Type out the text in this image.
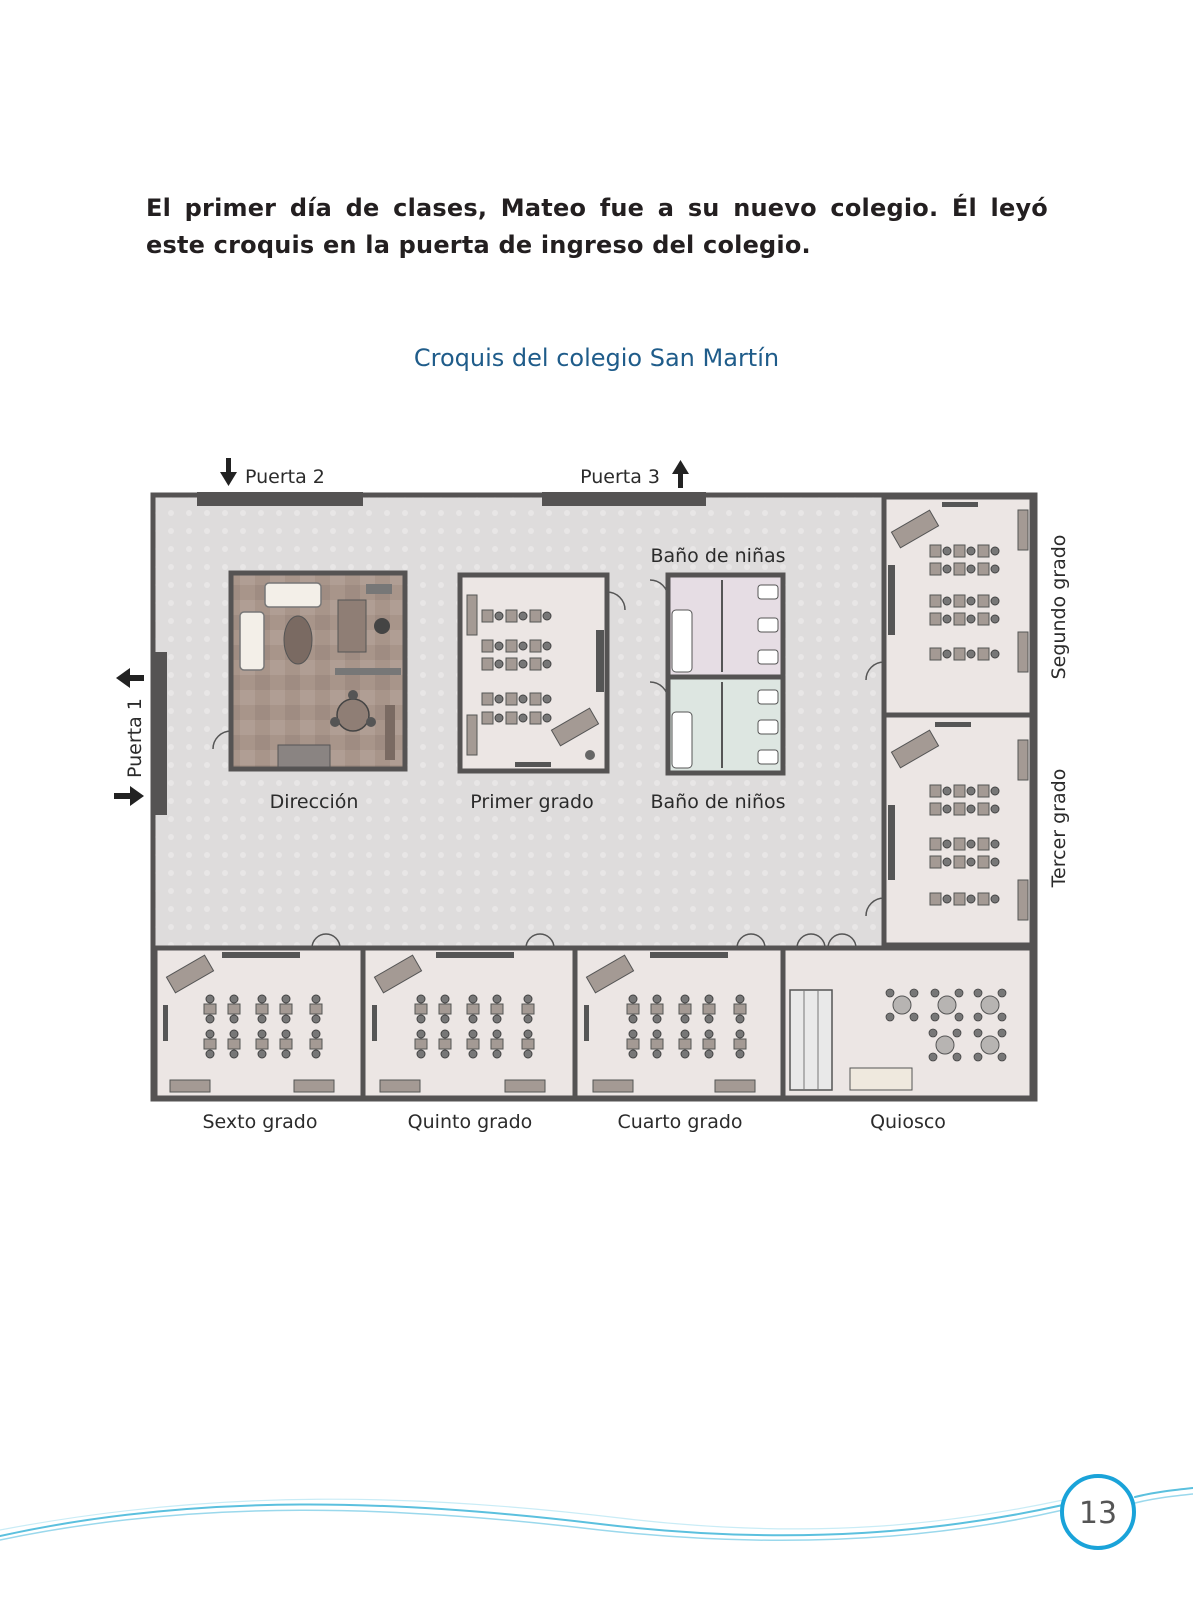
El primer día de clases, Mateo fue a su nuevo colegio. Él leyó este croquis en la puerta de ingreso del colegio.
Croquis del colegio San Martín
Puerta 2	Puerta 3
Puerta 1
Baño de niñas
Dirección	Primer grado	Baño de niños
Segundo grado
Tercer grado
Sexto grado	Quinto grado	Cuarto grado	Quiosco
13
